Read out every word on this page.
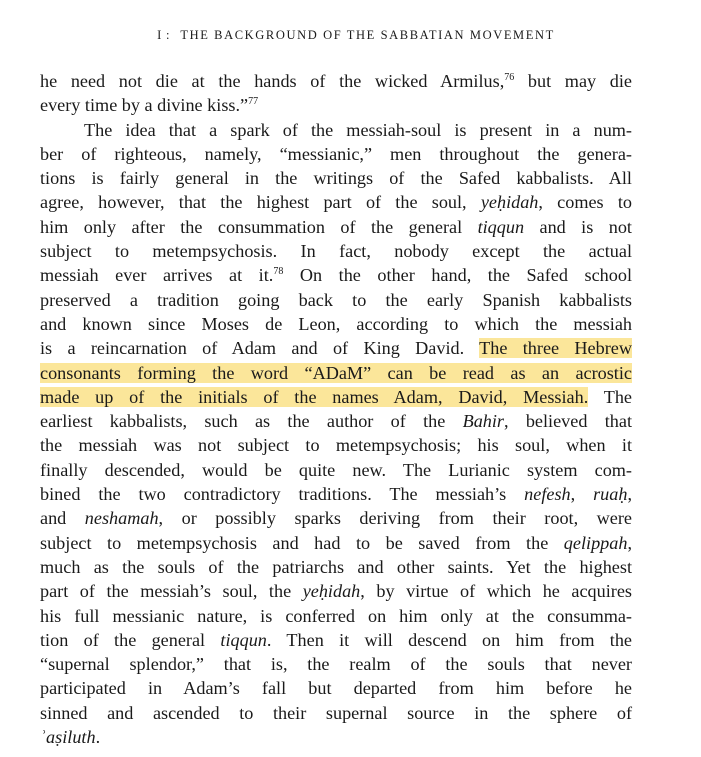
I : THE BACKGROUND OF THE SABBATIAN MOVEMENT
he need not die at the hands of the wicked Armilus,$^{76}$ but may die
every time by a divine kiss.”$^{77}$
The idea that a spark of the messiah-soul is present in a num-
ber of righteous, namely, “messianic,” men throughout the genera-
tions is fairly general in the writings of the Safed kabbalists. All
agree, however, that the highest part of the soul, yeḥidah, comes to
him only after the consummation of the general tiqqun and is not
subject to metempsychosis. In fact, nobody except the actual
messiah ever arrives at it.$^{78}$ On the other hand, the Safed school
preserved a tradition going back to the early Spanish kabbalists
and known since Moses de Leon, according to which the messiah
is a reincarnation of Adam and of King David. The three Hebrew
consonants forming the word “ADaM” can be read as an acrostic
made up of the initials of the names Adam, David, Messiah. The
earliest kabbalists, such as the author of the Bahir, believed that
the messiah was not subject to metempsychosis; his soul, when it
finally descended, would be quite new. The Lurianic system com-
bined the two contradictory traditions. The messiah’s nefesh, ruaḥ,
and neshamah, or possibly sparks deriving from their root, were
subject to metempsychosis and had to be saved from the qelippah,
much as the souls of the patriarchs and other saints. Yet the highest
part of the messiah’s soul, the yeḥidah, by virtue of which he acquires
his full messianic nature, is conferred on him only at the consumma-
tion of the general tiqqun. Then it will descend on him from the
“supernal splendor,” that is, the realm of the souls that never
participated in Adam’s fall but departed from him before he
sinned and ascended to their supernal source in the sphere of
ʾaṣiluth.
